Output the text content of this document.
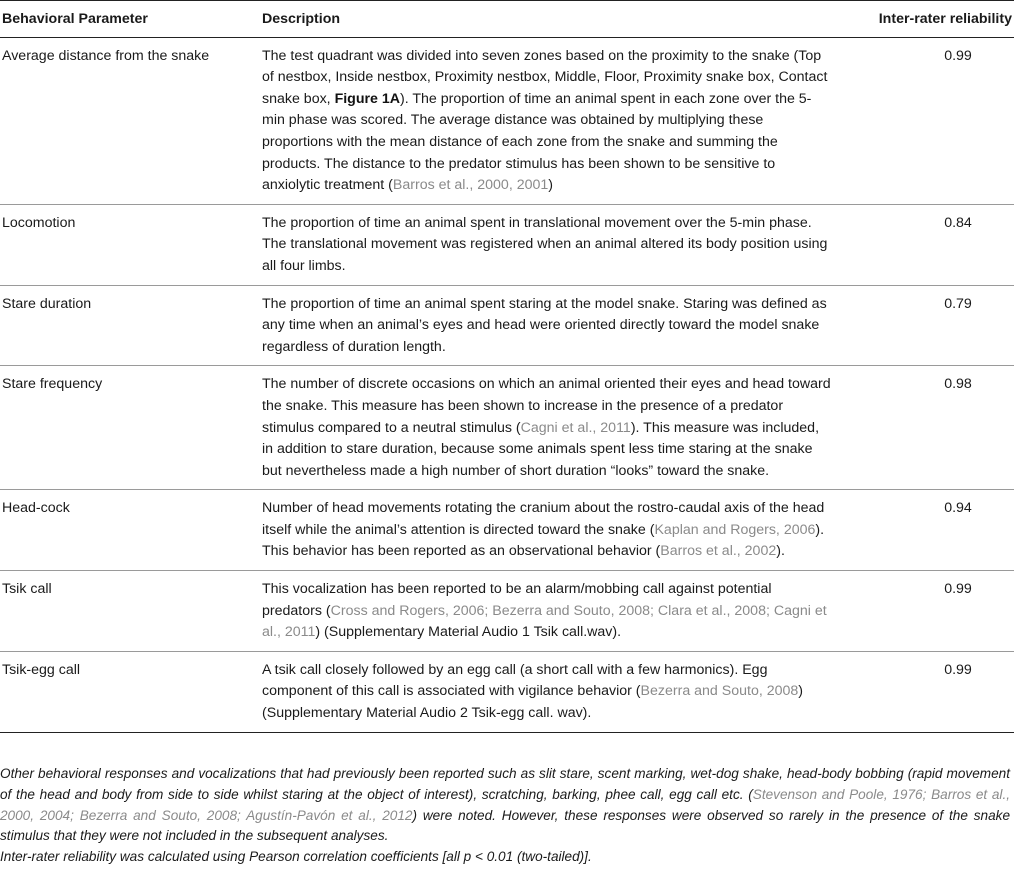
Behavioral Parameter	Description	Inter-rater reliability
Average distance from the snake	The test quadrant was divided into seven zones based on the proximity to the snake (Top of nestbox, Inside nestbox, Proximity nestbox, Middle, Floor, Proximity snake box, Contact snake box, Figure 1A). The proportion of time an animal spent in each zone over the 5-min phase was scored. The average distance was obtained by multiplying these proportions with the mean distance of each zone from the snake and summing the products. The distance to the predator stimulus has been shown to be sensitive to anxiolytic treatment (Barros et al., 2000, 2001)	0.99
Locomotion	The proportion of time an animal spent in translational movement over the 5-min phase. The translational movement was registered when an animal altered its body position using all four limbs.	0.84
Stare duration	The proportion of time an animal spent staring at the model snake. Staring was defined as any time when an animal’s eyes and head were oriented directly toward the model snake regardless of duration length.	0.79
Stare frequency	The number of discrete occasions on which an animal oriented their eyes and head toward the snake. This measure has been shown to increase in the presence of a predator stimulus compared to a neutral stimulus (Cagni et al., 2011). This measure was included, in addition to stare duration, because some animals spent less time staring at the snake but nevertheless made a high number of short duration “looks” toward the snake.	0.98
Head-cock	Number of head movements rotating the cranium about the rostro-caudal axis of the head itself while the animal’s attention is directed toward the snake (Kaplan and Rogers, 2006). This behavior has been reported as an observational behavior (Barros et al., 2002).	0.94
Tsik call	This vocalization has been reported to be an alarm/mobbing call against potential predators (Cross and Rogers, 2006; Bezerra and Souto, 2008; Clara et al., 2008; Cagni et al., 2011) (Supplementary Material Audio 1 Tsik call.wav).	0.99
Tsik-egg call	A tsik call closely followed by an egg call (a short call with a few harmonics). Egg component of this call is associated with vigilance behavior (Bezerra and Souto, 2008) (Supplementary Material Audio 2 Tsik-egg call. wav).	0.99

Other behavioral responses and vocalizations that had previously been reported such as slit stare, scent marking, wet-dog shake, head-body bobbing (rapid movement of the head and body from side to side whilst staring at the object of interest), scratching, barking, phee call, egg call etc. (Stevenson and Poole, 1976; Barros et al., 2000, 2004; Bezerra and Souto, 2008; Agustín-Pavón et al., 2012) were noted. However, these responses were observed so rarely in the presence of the snake stimulus that they were not included in the subsequent analyses.

Inter-rater reliability was calculated using Pearson correlation coefficients [all p < 0.01 (two-tailed)].
